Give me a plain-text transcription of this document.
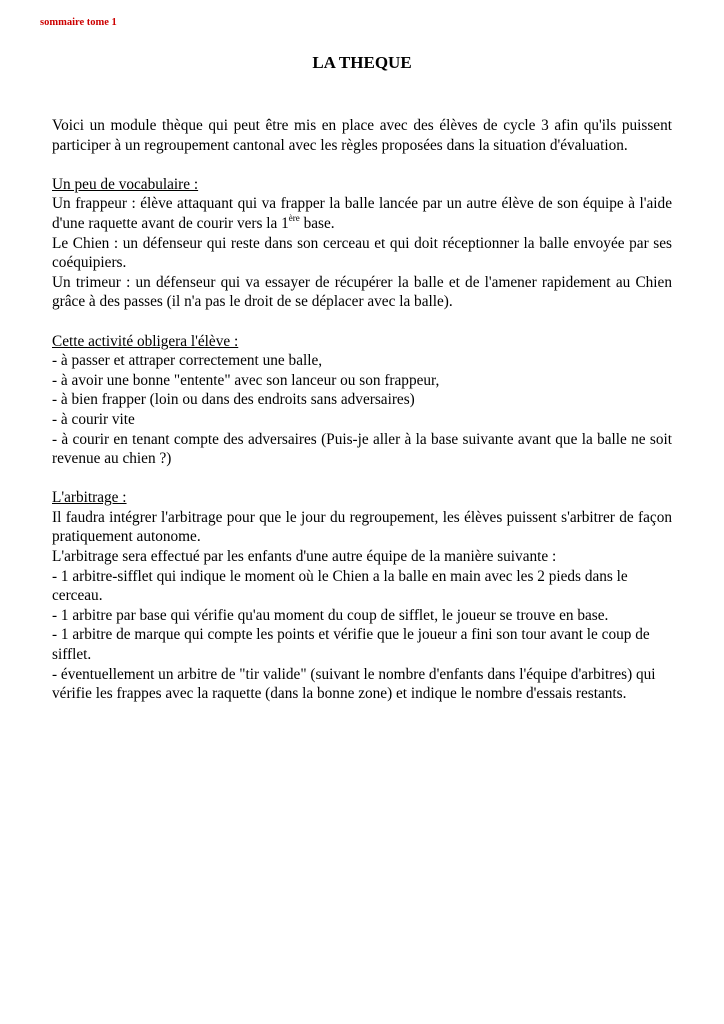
sommaire tome 1
LA THEQUE

Voici un module thèque qui peut être mis en place avec des élèves de cycle 3 afin qu'ils puissent participer à un regroupement cantonal avec les règles proposées dans la situation d'évaluation.

Un peu de vocabulaire :

Un frappeur : élève attaquant qui va frapper la balle lancée par un autre élève de son équipe à l'aide d'une raquette avant de courir vers la 1ère base.

Le Chien : un défenseur qui reste dans son cerceau et qui doit réceptionner la balle envoyée par ses coéquipiers.

Un trimeur : un défenseur qui va essayer de récupérer la balle et de l'amener rapidement au Chien grâce à des passes (il n'a pas le droit de se déplacer avec la balle).

Cette activité obligera l'élève :

- à passer et attraper correctement une balle,

- à avoir une bonne "entente" avec son lanceur ou son frappeur,

- à bien frapper (loin ou dans des endroits sans adversaires)

- à courir vite

- à courir en tenant compte des adversaires (Puis-je aller à la base suivante avant que la balle ne soit revenue au chien ?)

L'arbitrage :

Il faudra intégrer l'arbitrage pour que le jour du regroupement, les élèves puissent s'arbitrer de façon pratiquement autonome.

L'arbitrage sera effectué par les enfants d'une autre équipe de la manière suivante :

- 1 arbitre-sifflet qui indique le moment où le Chien a la balle en main avec les 2 pieds dans le cerceau.

- 1 arbitre par base qui vérifie qu'au moment du coup de sifflet, le joueur se trouve en base.

- 1 arbitre de marque qui compte les points et vérifie que le joueur a fini son tour avant le coup de sifflet.

- éventuellement un arbitre de "tir valide" (suivant le nombre d'enfants dans l'équipe d'arbitres) qui vérifie les frappes avec la raquette (dans la bonne zone) et indique le nombre d'essais restants.
